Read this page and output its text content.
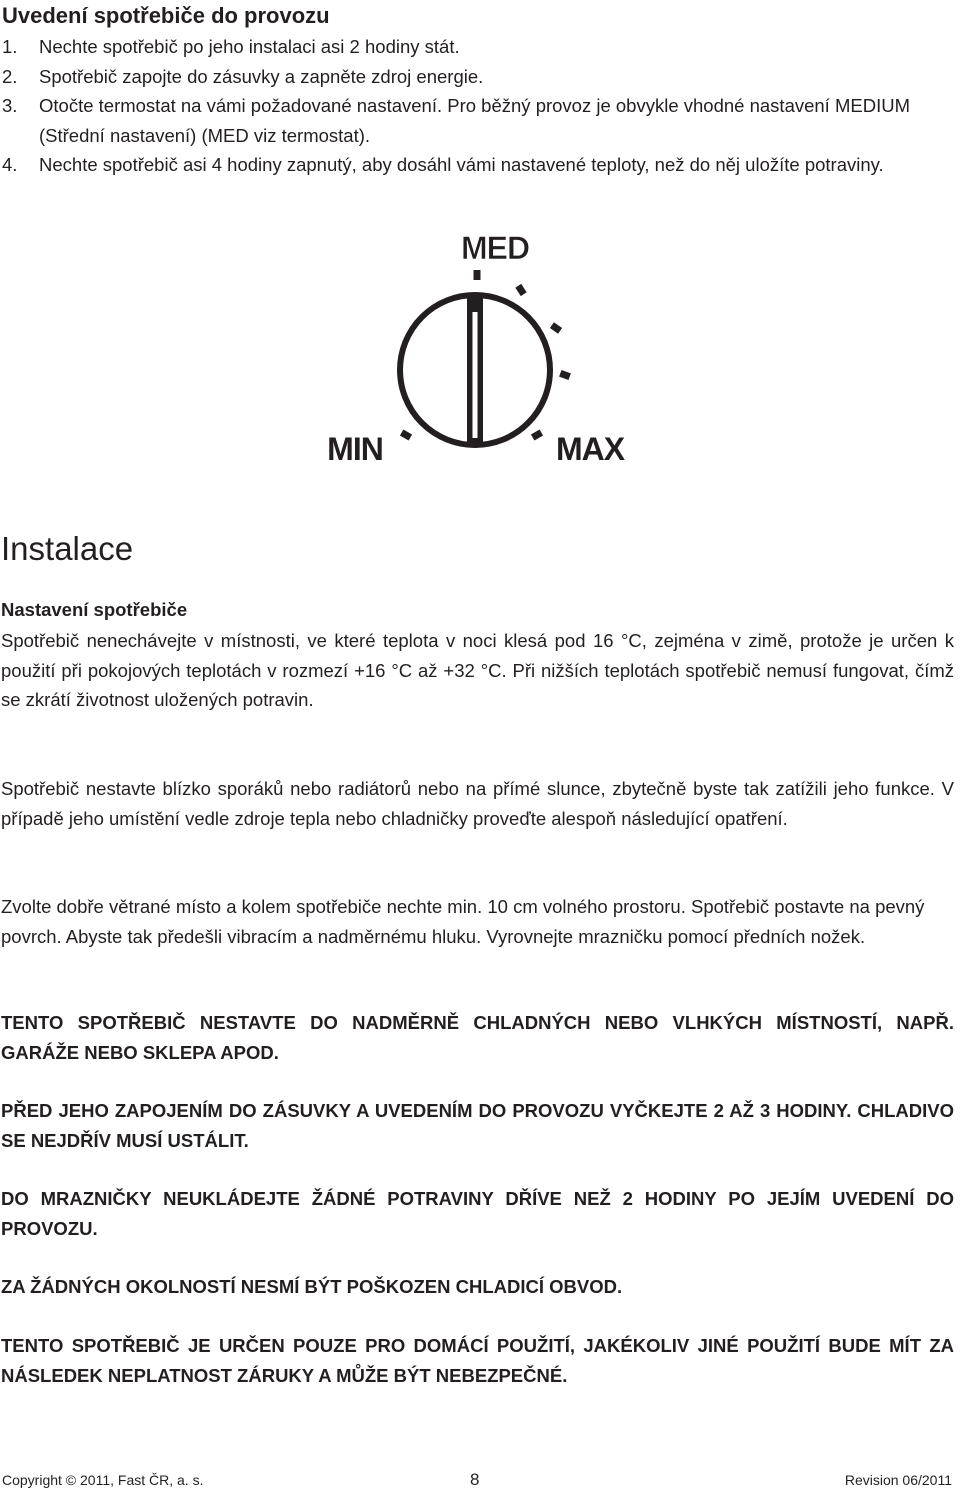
Uvedení spotřebiče do provozu
1. Nechte spotřebič po jeho instalaci asi 2 hodiny stát.
2. Spotřebič zapojte do zásuvky a zapněte zdroj energie.
3. Otočte termostat na vámi požadované nastavení. Pro běžný provoz je obvykle vhodné nastavení MEDIUM (Střední nastavení) (MED viz termostat).
4. Nechte spotřebič asi 4 hodiny zapnutý, aby dosáhl vámi nastavené teploty, než do něj uložíte potraviny.
MED
MIN	MAX
Instalace
Nastavení spotřebiče

Spotřebič nenechávejte v místnosti, ve které teplota v noci klesá pod 16 °C, zejména v zimě, protože je určen k použití při pokojových teplotách v rozmezí +16 °C až +32 °C. Při nižších teplotách spotřebič nemusí fungovat, čímž se zkrátí životnost uložených potravin.

Spotřebič nestavte blízko sporáků nebo radiátorů nebo na přímé slunce, zbytečně byste tak zatížili jeho funkce. V případě jeho umístění vedle zdroje tepla nebo chladničky proveďte alespoň následující opatření.

Zvolte dobře větrané místo a kolem spotřebiče nechte min. 10 cm volného prostoru. Spotřebič postavte na pevný povrch. Abyste tak předešli vibracím a nadměrnému hluku. Vyrovnejte mrazničku pomocí předních nožek.

TENTO SPOTŘEBIČ NESTAVTE DO NADMĚRNĚ CHLADNÝCH NEBO VLHKÝCH MÍSTNOSTÍ, NAPŘ. GARÁŽE NEBO SKLEPA APOD.

PŘED JEHO ZAPOJENÍM DO ZÁSUVKY A UVEDENÍM DO PROVOZU VYČKEJTE 2 AŽ 3 HODINY. CHLADIVO SE NEJDŘÍV MUSÍ USTÁLIT.

DO MRAZNIČKY NEUKLÁDEJTE ŽÁDNÉ POTRAVINY DŘÍVE NEŽ 2 HODINY PO JEJÍM UVEDENÍ DO PROVOZU.

ZA ŽÁDNÝCH OKOLNOSTÍ NESMÍ BÝT POŠKOZEN CHLADICÍ OBVOD.

TENTO SPOTŘEBIČ JE URČEN POUZE PRO DOMÁCÍ POUŽITÍ, JAKÉKOLIV JINÉ POUŽITÍ BUDE MÍT ZA NÁSLEDEK NEPLATNOST ZÁRUKY A MŮŽE BÝT NEBEZPEČNÉ.

Copyright © 2011, Fast ČR, a. s.	8	Revision 06/2011
